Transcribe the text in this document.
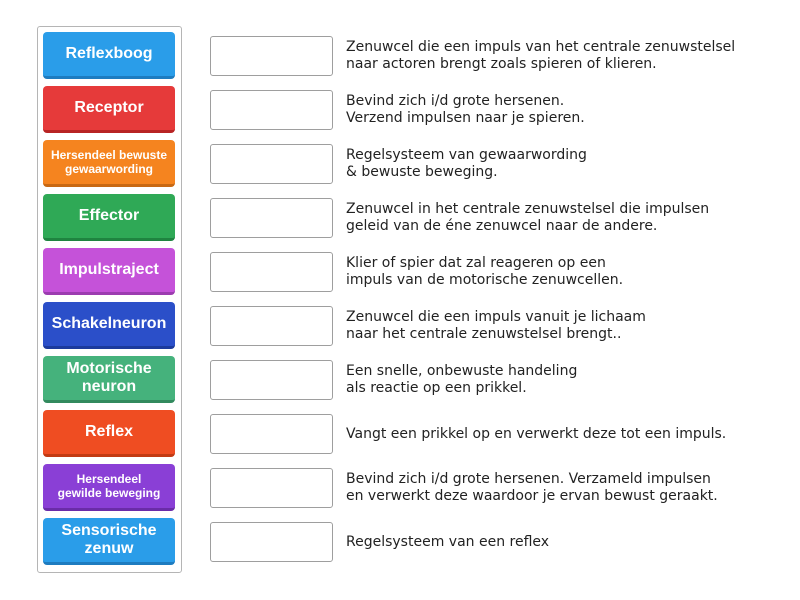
Reflexboog
Receptor
Hersendeel bewuste
gewaarwording
Effector
Impulstraject
Schakelneuron
Motorische
neuron
Reflex
Hersendeel
gewilde beweging
Sensorische
zenuw
Zenuwcel die een impuls van het centrale zenuwstelsel
naar actoren brengt zoals spieren of klieren.
Bevind zich i/d grote hersenen.
Verzend impulsen naar je spieren.
Regelsysteem van gewaarwording
& bewuste beweging.
Zenuwcel in het centrale zenuwstelsel die impulsen
geleid van de éne zenuwcel naar de andere.
Klier of spier dat zal reageren op een
impuls van de motorische zenuwcellen.
Zenuwcel die een impuls vanuit je lichaam
naar het centrale zenuwstelsel brengt..
Een snelle, onbewuste handeling
als reactie op een prikkel.
Vangt een prikkel op en verwerkt deze tot een impuls.
Bevind zich i/d grote hersenen. Verzameld impulsen
en verwerkt deze waardoor je ervan bewust geraakt.
Regelsysteem van een reflex
